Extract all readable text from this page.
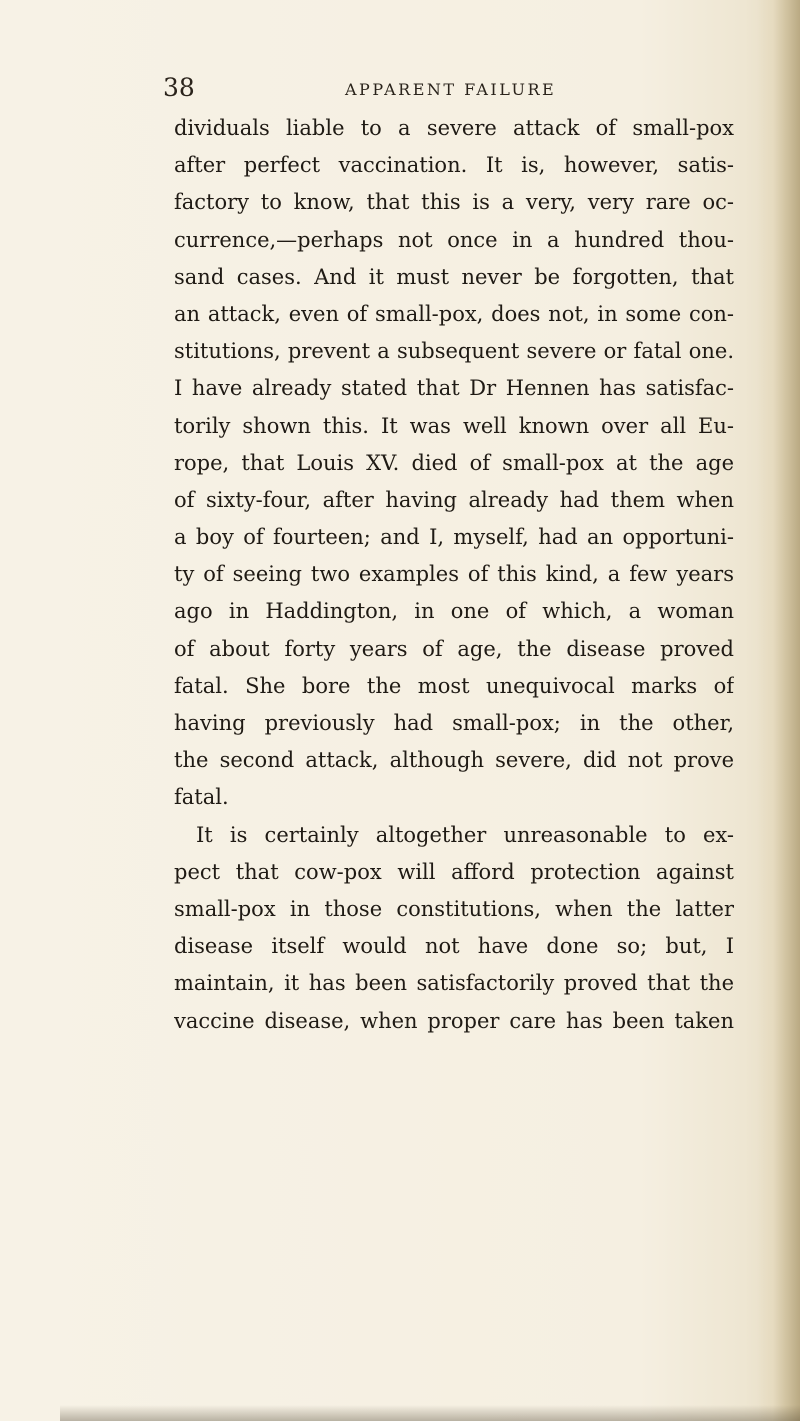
38	APPARENT FAILURE
dividuals liable to a severe attack of small-pox
after perfect vaccination. It is, however, satis-
factory to know, that this is a very, very rare oc-
currence,—perhaps not once in a hundred thou-
sand cases. And it must never be forgotten, that
an attack, even of small-pox, does not, in some con-
stitutions, prevent a subsequent severe or fatal one.
I have already stated that Dr Hennen has satisfac-
torily shown this. It was well known over all Eu-
rope, that Louis XV. died of small-pox at the age
of sixty-four, after having already had them when
a boy of fourteen; and I, myself, had an opportuni-
ty of seeing two examples of this kind, a few years
ago in Haddington, in one of which, a woman
of about forty years of age, the disease proved
fatal. She bore the most unequivocal marks of
having previously had small-pox; in the other,
the second attack, although severe, did not prove
fatal.
It is certainly altogether unreasonable to ex-
pect that cow-pox will afford protection against
small-pox in those constitutions, when the latter
disease itself would not have done so; but, I
maintain, it has been satisfactorily proved that the
vaccine disease, when proper care has been taken
